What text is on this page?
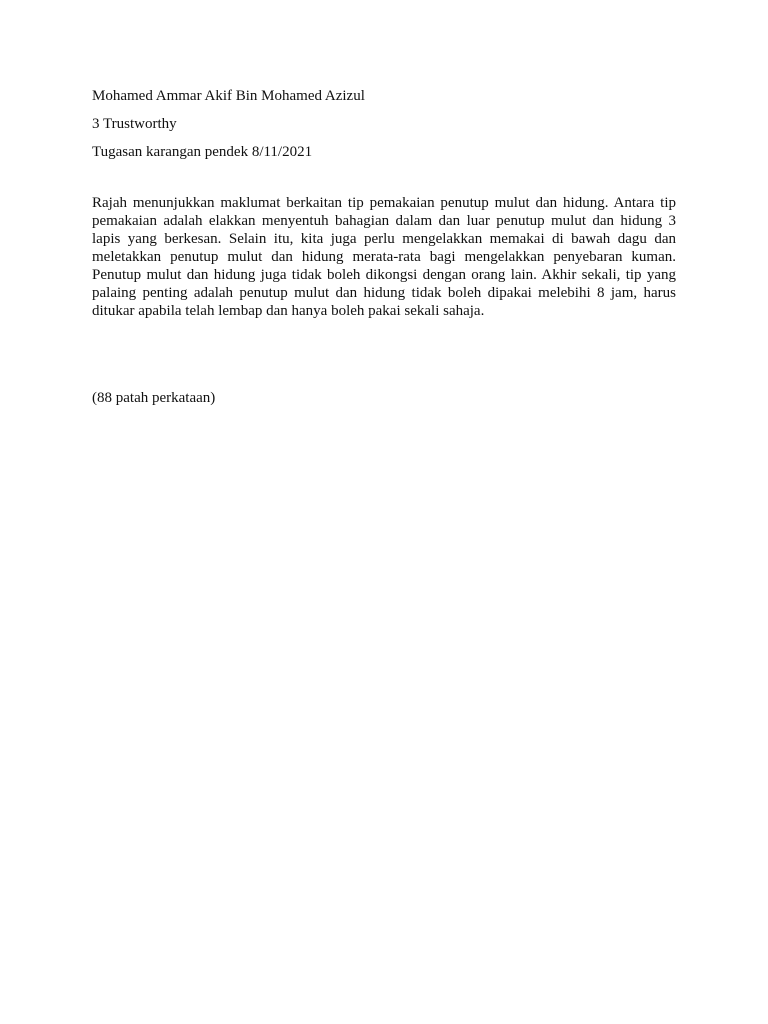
Mohamed Ammar Akif Bin Mohamed Azizul
3 Trustworthy
Tugasan karangan pendek 8/11/2021

Rajah menunjukkan maklumat berkaitan tip pemakaian penutup mulut dan hidung. Antara tip pemakaian adalah elakkan menyentuh bahagian dalam dan luar penutup mulut dan hidung 3 lapis yang berkesan. Selain itu, kita juga perlu mengelakkan memakai di bawah dagu dan meletakkan penutup mulut dan hidung merata-rata bagi mengelakkan penyebaran kuman. Penutup mulut dan hidung juga tidak boleh dikongsi dengan orang lain. Akhir sekali, tip yang palaing penting adalah penutup mulut dan hidung tidak boleh dipakai melebihi 8 jam, harus ditukar apabila telah lembap dan hanya boleh pakai sekali sahaja.

(88 patah perkataan)
